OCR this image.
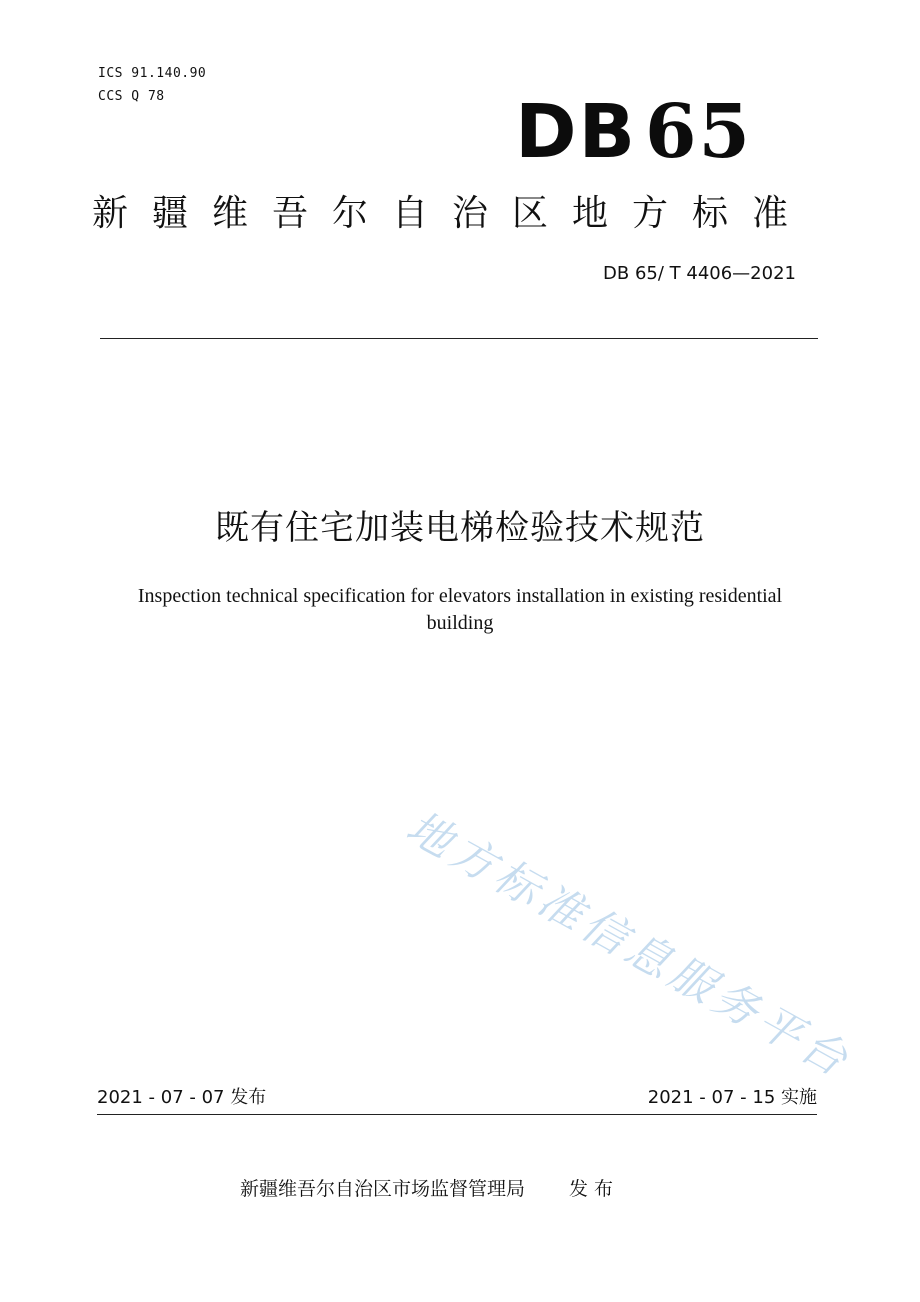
ICS 91.140.90
CCS Q 78	DB 65
新疆维吾尔自治区地方标准
DB 65/ T 4406—2021
既有住宅加装电梯检验技术规范
Inspection technical specification for elevators installation in existing residential building
地方标准信息服务平台
2021 - 07 - 07 发布	2021 - 07 - 15 实施
新疆维吾尔自治区市场监督管理局 发 布
